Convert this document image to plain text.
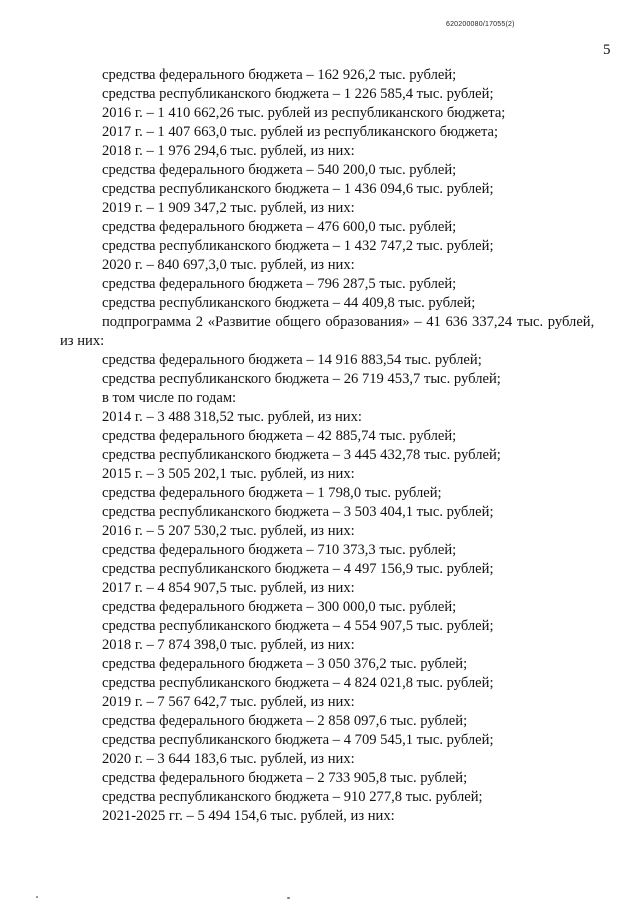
620200080/17055(2)
5
средства федерального бюджета – 162 926,2 тыс. рублей;
средства республиканского бюджета – 1 226 585,4 тыс. рублей;
2016 г. – 1 410 662,26 тыс. рублей из республиканского бюджета;
2017 г. – 1 407 663,0 тыс. рублей из республиканского бюджета;
2018 г. – 1 976 294,6 тыс. рублей, из них:
средства федерального бюджета – 540 200,0 тыс. рублей;
средства республиканского бюджета – 1 436 094,6 тыс. рублей;
2019 г. – 1 909 347,2 тыс. рублей, из них:
средства федерального бюджета – 476 600,0 тыс. рублей;
средства республиканского бюджета – 1 432 747,2 тыс. рублей;
2020 г. – 840 697,3,0 тыс. рублей, из них:
средства федерального бюджета – 796 287,5 тыс. рублей;
средства республиканского бюджета – 44 409,8 тыс. рублей;
подпрограмма 2 «Развитие общего образования» – 41 636 337,24 тыс. рублей,
из них:
средства федерального бюджета – 14 916 883,54 тыс. рублей;
средства республиканского бюджета – 26 719 453,7 тыс. рублей;
в том числе по годам:
2014 г. – 3 488 318,52 тыс. рублей, из них:
средства федерального бюджета – 42 885,74 тыс. рублей;
средства республиканского бюджета – 3 445 432,78 тыс. рублей;
2015 г. – 3 505 202,1 тыс. рублей, из них:
средства федерального бюджета – 1 798,0 тыс. рублей;
средства республиканского бюджета – 3 503 404,1 тыс. рублей;
2016 г. – 5 207 530,2 тыс. рублей, из них:
средства федерального бюджета – 710 373,3 тыс. рублей;
средства республиканского бюджета – 4 497 156,9 тыс. рублей;
2017 г. – 4 854 907,5 тыс. рублей, из них:
средства федерального бюджета – 300 000,0 тыс. рублей;
средства республиканского бюджета – 4 554 907,5 тыс. рублей;
2018 г. – 7 874 398,0 тыс. рублей, из них:
средства федерального бюджета – 3 050 376,2 тыс. рублей;
средства республиканского бюджета – 4 824 021,8 тыс. рублей;
2019 г. – 7 567 642,7 тыс. рублей, из них:
средства федерального бюджета – 2 858 097,6 тыс. рублей;
средства республиканского бюджета – 4 709 545,1 тыс. рублей;
2020 г. – 3 644 183,6 тыс. рублей, из них:
средства федерального бюджета – 2 733 905,8 тыс. рублей;
средства республиканского бюджета – 910 277,8 тыс. рублей;
2021-2025 гг. – 5 494 154,6 тыс. рублей, из них:
